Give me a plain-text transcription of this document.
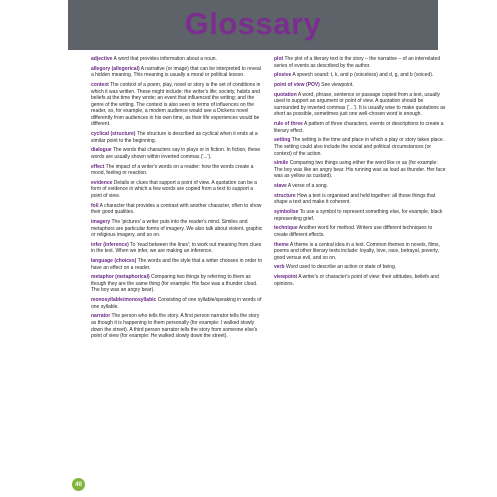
Glossary

adjective A word that provides information about a noun.

allegory (allegorical) A narrative (or image) that can be interpreted to reveal a hidden meaning. This meaning is usually a moral or political lesson.

context The context of a poem, play, novel or story is the set of conditions in which it was written. These might include: the writer's life; society, habits and beliefs at the time they wrote; an event that influenced the writing; and the genre of the writing. The context is also seen in terms of influences on the reader, so, for example, a modern audience would see a Dickens novel differently from audiences in his own time, as their life experiences would be different.

cyclical (structure) The structure is described as cyclical when it ends at a similar point to the beginning.

dialogue The words that characters say in plays or in fiction. In fiction, these words are usually shown within inverted commas ('...').

effect The impact of a writer's words on a reader: how the words create a mood, feeling or reaction.

evidence Details or clues that support a point of view. A quotation can be a form of evidence in which a few words are copied from a text to support a point of view.

foil A character that provides a contrast with another character, often to show their good qualities.

imagery The 'pictures' a writer puts into the reader's mind. Similes and metaphors are particular forms of imagery. We also talk about violent, graphic or religious imagery, and so on.

infer (inference) To 'read between the lines'; to work out meaning from clues in the text. When we infer, we are making an inference.

language (choices) The words and the style that a writer chooses in order to have an effect on a reader.

metaphor (metaphorical) Comparing two things by referring to them as though they are the same thing (for example: His face was a thunder cloud. The boy was an angry bear).

monosyllable/monosyllabic Consisting of one syllable/speaking in words of one syllable.

narrator The person who tells the story. A first person narrator tells the story as though it is happening to them personally (for example: I walked slowly down the street). A third person narrator tells the story from someone else's point of view (for example: He walked slowly down the street).

plot The plot of a literary text is the story – the narrative – of an interrelated series of events as described by the author.

plosive A speech sound: t, k, and p (voiceless) and d, g, and b (voiced).

point of view (POV) See viewpoint.

quotation A word, phrase, sentence or passage copied from a text, usually used to support an argument or point of view. A quotation should be surrounded by inverted commas ('...'). It is usually wise to make quotations as short as possible, sometimes just one well-chosen word is enough.

rule of three A pattern of three characters, events or descriptions to create a literary effect.

setting The setting is the time and place in which a play or story takes place. The setting could also include the social and political circumstances (or context) of the action.

simile Comparing two things using either the word like or as (for example: The boy was like an angry bear. His running was as loud as thunder. Her face was as yellow as custard).

stave A verse of a song.

structure How a text is organised and held together: all those things that shape a text and make it coherent.

symbolise To use a symbol to represent something else, for example, black representing grief.

technique Another word for method. Writers use different techniques to create different effects.

theme A theme is a central idea in a text. Common themes in novels, films, poems and other literary texts include: loyalty, love, race, betrayal, poverty, good versus evil, and so on.

verb Word used to describe an action or state of being.

viewpoint A writer's or character's point of view: their attitudes, beliefs and opinions.

40
